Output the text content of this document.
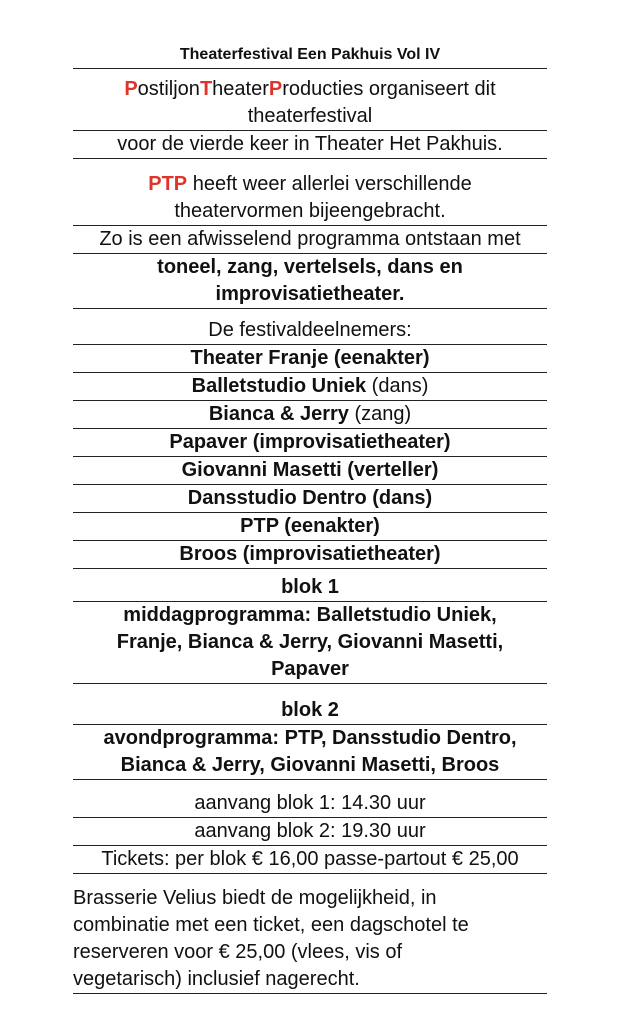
Theaterfestival Een Pakhuis Vol IV
PostiljonTheaterProducties organiseert dit
theaterfestival
voor de vierde keer in Theater Het Pakhuis.
PTP heeft weer allerlei verschillende
theatervormen bijeengebracht.
Zo is een afwisselend programma ontstaan met
toneel, zang, vertelsels, dans en
improvisatietheater.
De festivaldeelnemers:
Theater Franje (eenakter)
Balletstudio Uniek (dans)
Bianca & Jerry (zang)
Papaver (improvisatietheater)
Giovanni Masetti (verteller)
Dansstudio Dentro (dans)
PTP (eenakter)
Broos (improvisatietheater)
blok 1
middagprogramma: Balletstudio Uniek,
Franje, Bianca & Jerry, Giovanni Masetti,
Papaver
blok 2
avondprogramma: PTP, Dansstudio Dentro,
Bianca & Jerry, Giovanni Masetti, Broos
aanvang blok 1: 14.30 uur
aanvang blok 2: 19.30 uur
Tickets: per blok € 16,00 passe-partout € 25,00
Brasserie Velius biedt de mogelijkheid, in
combinatie met een ticket, een dagschotel te
reserveren voor € 25,00 (vlees, vis of
vegetarisch) inclusief nagerecht.
